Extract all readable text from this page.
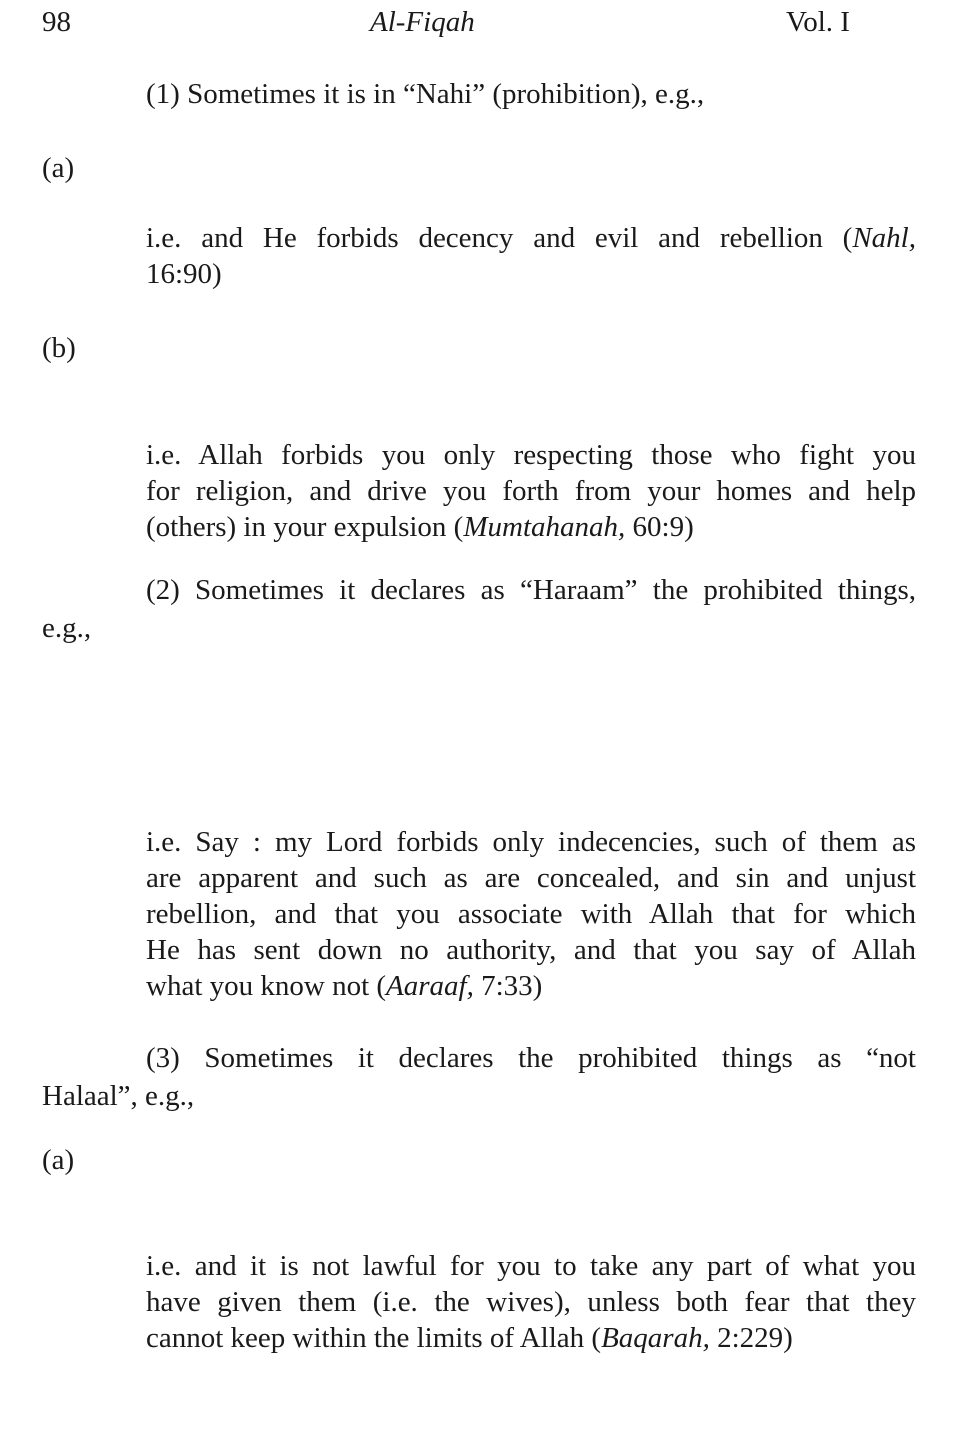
98	Al-Fiqah	Vol. I
(1) Sometimes it is in “Nahi” (prohibition), e.g.,
(a)
i.e. and He forbids decency and evil and rebellion (Nahl,
16:90)
(b)
i.e. Allah forbids you only respecting those who fight you
for religion, and drive you forth from your homes and help
(others) in your expulsion (Mumtahanah, 60:9)
(2) Sometimes it declares as “Haraam” the prohibited things,
e.g.,
i.e. Say : my Lord forbids only indecencies, such of them as
are apparent and such as are concealed, and sin and unjust
rebellion, and that you associate with Allah that for which
He has sent down no authority, and that you say of Allah
what you know not (Aaraaf, 7:33)
(3) Sometimes it declares the prohibited things as “not
Halaal”, e.g.,
(a)
i.e. and it is not lawful for you to take any part of what you
have given them (i.e. the wives), unless both fear that they
cannot keep within the limits of Allah (Baqarah, 2:229)
